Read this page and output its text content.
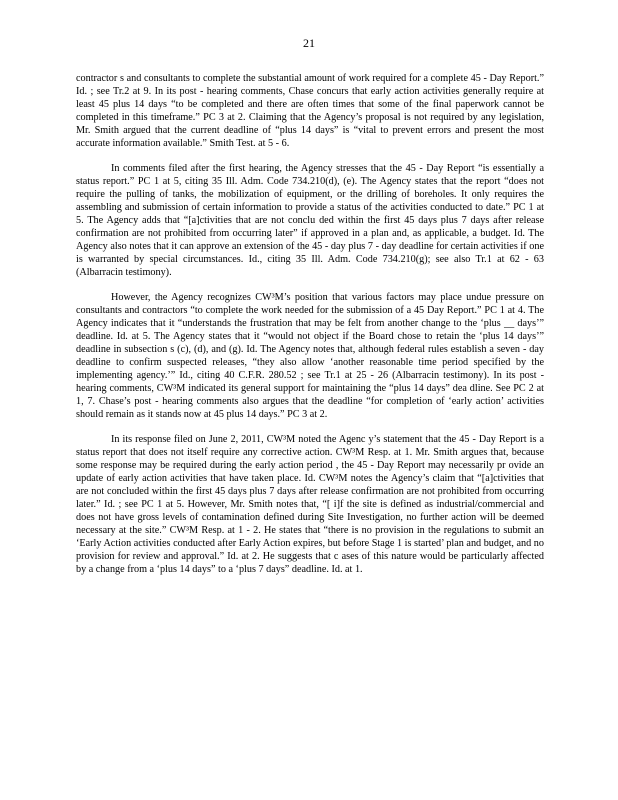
21

contractor s and consultants to complete the substantial amount of work required for a complete 45 - Day Report.” Id. ; see Tr.2 at 9. In its post - hearing comments, Chase concurs that early action activities generally require at least 45 plus 14 days “to be completed and there are often times that some of the final paperwork cannot be completed in this timeframe.” PC 3 at 2. Claiming that the Agency’s proposal is not required by any legislation, Mr. Smith argued that the current deadline of “plus 14 days” is “vital to prevent errors and present the most accurate information available.” Smith Test. at 5 - 6.

In comments filed after the first hearing, the Agency stresses that the 45 - Day Report “is essentially a status report.” PC 1 at 5, citing 35 Ill. Adm. Code 734.210(d), (e). The Agency states that the report “does not require the pulling of tanks, the mobilization of equipment, or the drilling of boreholes. It only requires the assembling and submission of certain information to provide a status of the activities conducted to date.” PC 1 at 5. The Agency adds that “[a]ctivities that are not conclu ded within the first 45 days plus 7 days after release confirmation are not prohibited from occurring later” if approved in a plan and, as applicable, a budget. Id. The Agency also notes that it can approve an extension of the 45 - day plus 7 - day deadline for certain activities if one is warranted by special circumstances. Id., citing 35 Ill. Adm. Code 734.210(g); see also Tr.1 at 62 - 63 (Albarracin testimony).

However, the Agency recognizes CW³M’s position that various factors may place undue pressure on consultants and contractors “to complete the work needed for the submission of a 45 Day Report.” PC 1 at 4. The Agency indicates that it “understands the frustration that may be felt from another change to the ‘plus __ days’” deadline. Id. at 5. The Agency states that it “would not object if the Board chose to retain the ‘plus 14 days’” deadline in subsection s (c), (d), and (g). Id. The Agency notes that, although federal rules establish a seven - day deadline to confirm suspected releases, “they also allow ‘another reasonable time period specified by the implementing agency.’” Id., citing 40 C.F.R. 280.52 ; see Tr.1 at 25 - 26 (Albarracin testimony). In its post - hearing comments, CW³M indicated its general support for maintaining the “plus 14 days” dea dline. See PC 2 at 1, 7. Chase’s post - hearing comments also argues that the deadline “for completion of ‘early action’ activities should remain as it stands now at 45 plus 14 days.” PC 3 at 2.

In its response filed on June 2, 2011, CW³M noted the Agenc y’s statement that the 45 - Day Report is a status report that does not itself require any corrective action. CW³M Resp. at 1. Mr. Smith argues that, because some response may be required during the early action period , the 45 - Day Report may necessarily pr ovide an update of early action activities that have taken place. Id. CW³M notes the Agency’s claim that “[a]ctivities that are not concluded within the first 45 days plus 7 days after release confirmation are not prohibited from occurring later.” Id. ; see PC 1 at 5. However, Mr. Smith notes that, “[ i]f the site is defined as industrial/commercial and does not have gross levels of contamination defined during Site Investigation, no further action will be deemed necessary at the site.” CW³M Resp. at 1 - 2. He states that “there is no provision in the regulations to submit an ‘Early Action activities conducted after Early Action expires, but before Stage 1 is started’ plan and budget, and no provision for review and approval.” Id. at 2. He suggests that c ases of this nature would be particularly affected by a change from a ‘plus 14 days” to a ‘plus 7 days” deadline. Id. at 1.
